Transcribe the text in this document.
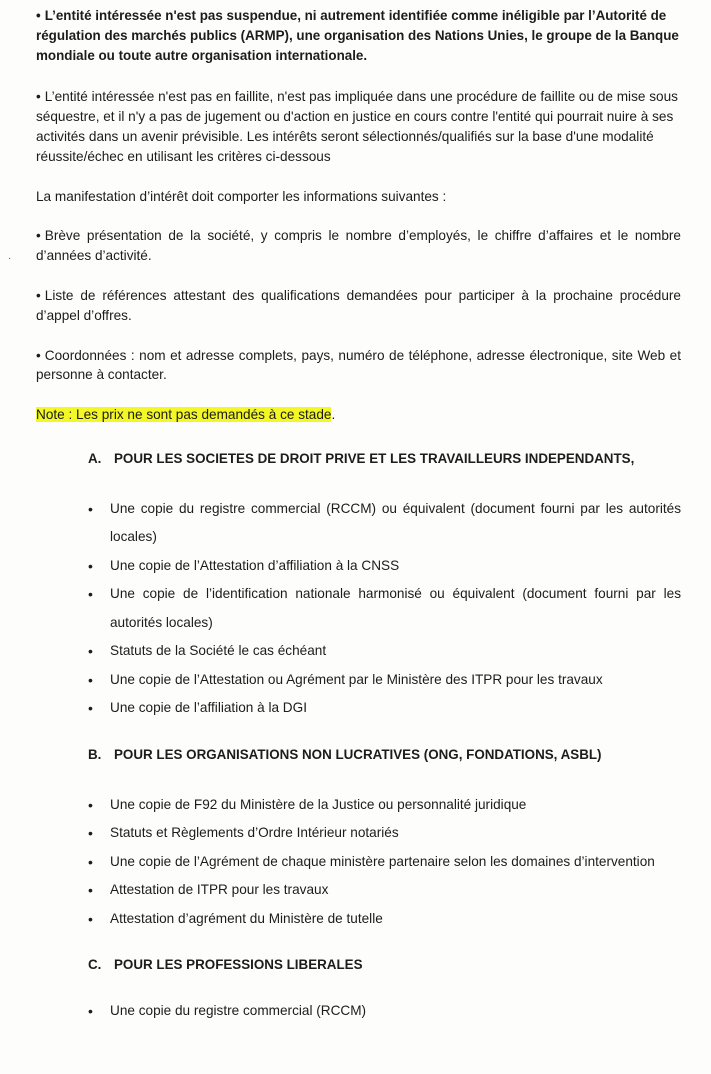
·

• L’entité intéressée n'est pas suspendue, ni autrement identifiée comme inéligible par l’Autorité de régulation des marchés publics (ARMP), une organisation des Nations Unies, le groupe de la Banque mondiale ou toute autre organisation internationale.

• L’entité intéressée n'est pas en faillite, n'est pas impliquée dans une procédure de faillite ou de mise sous séquestre, et il n'y a pas de jugement ou d'action en justice en cours contre l'entité qui pourrait nuire à ses activités dans un avenir prévisible. Les intérêts seront sélectionnés/qualifiés sur la base d'une modalité réussite/échec en utilisant les critères ci-dessous

La manifestation d’intérêt doit comporter les informations suivantes :

• Brève présentation de la société, y compris le nombre d’employés, le chiffre d’affaires et le nombre d’années d’activité.

• Liste de références attestant des qualifications demandées pour participer à la prochaine procédure d’appel d’offres.

• Coordonnées : nom et adresse complets, pays, numéro de téléphone, adresse électronique, site Web et personne à contacter.

Note : Les prix ne sont pas demandés à ce stade.

A. POUR LES SOCIETES DE DROIT PRIVE ET LES TRAVAILLEURS INDEPENDANTS,

• Une copie du registre commercial (RCCM) ou équivalent (document fourni par les autorités locales)
• Une copie de l’Attestation d’affiliation à la CNSS
• Une copie de l’identification nationale harmonisé ou équivalent (document fourni par les autorités locales)
• Statuts de la Société le cas échéant
• Une copie de l’Attestation ou Agrément par le Ministère des ITPR pour les travaux
• Une copie de l’affiliation à la DGI

B. POUR LES ORGANISATIONS NON LUCRATIVES (ONG, FONDATIONS, ASBL)

• Une copie de F92 du Ministère de la Justice ou personnalité juridique
• Statuts et Règlements d’Ordre Intérieur notariés
• Une copie de l’Agrément de chaque ministère partenaire selon les domaines d’intervention
• Attestation de ITPR pour les travaux
• Attestation d’agrément du Ministère de tutelle

C. POUR LES PROFESSIONS LIBERALES

• Une copie du registre commercial (RCCM)
